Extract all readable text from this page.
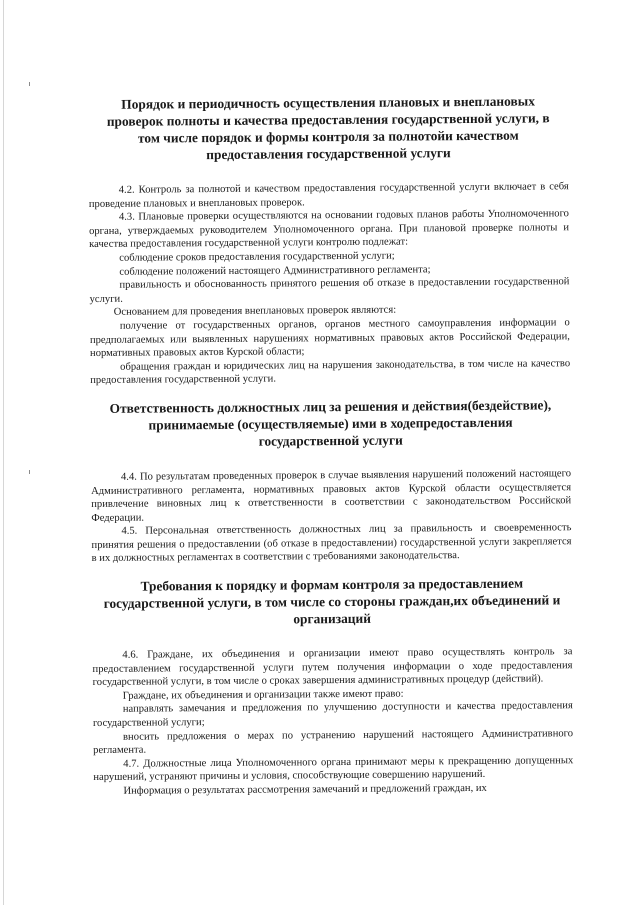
Порядок и периодичность осуществления плановых и внеплановых
проверок полноты и качества предоставления государственной услуги, в
том числе порядок и формы контроля за полнотойи качеством
предоставления государственной услуги

4.2. Контроль за полнотой и качеством предоставления государственной услуги включает в себя проведение плановых и внеплановых проверок.

4.3. Плановые проверки осуществляются на основании годовых планов работы Уполномоченного органа, утверждаемых руководителем Уполномоченного органа. При плановой проверке полноты и качества предоставления государственной услуги контролю подлежат:

соблюдение сроков предоставления государственной услуги;

соблюдение положений настоящего Административного регламента;

правильность и обоснованность принятого решения об отказе в предоставлении государственной услуги.

Основанием для проведения внеплановых проверок являются:

получение от государственных органов, органов местного самоуправления информации о предполагаемых или выявленных нарушениях нормативных правовых актов Российской Федерации, нормативных правовых актов Курской области;

обращения граждан и юридических лиц на нарушения законодательства, в том числе на качество предоставления государственной услуги.

Ответственность должностных лиц за решения и действия(бездействие),
принимаемые (осуществляемые) ими в ходепредоставления
государственной услуги

4.4. По результатам проведенных проверок в случае выявления нарушений положений настоящего Административного регламента, нормативных правовых актов Курской области осуществляется привлечение виновных лиц к ответственности в соответствии с законодательством Российской Федерации.

4.5. Персональная ответственность должностных лиц за правильность и своевременность принятия решения о предоставлении (об отказе в предоставлении) государственной услуги закрепляется в их должностных регламентах в соответствии с требованиями законодательства.

Требования к порядку и формам контроля за предоставлением
государственной услуги, в том числе со стороны граждан,их объединений и
организаций

4.6. Граждане, их объединения и организации имеют право осуществлять контроль за предоставлением государственной услуги путем получения информации о ходе предоставления государственной услуги, в том числе о сроках завершения административных процедур (действий).

Граждане, их объединения и организации также имеют право:

направлять замечания и предложения по улучшению доступности и качества предоставления государственной услуги;

вносить предложения о мерах по устранению нарушений настоящего Административного регламента.

4.7. Должностные лица Уполномоченного органа принимают меры к прекращению допущенных нарушений, устраняют причины и условия, способствующие совершению нарушений.

Информация о результатах рассмотрения замечаний и предложений граждан, их
